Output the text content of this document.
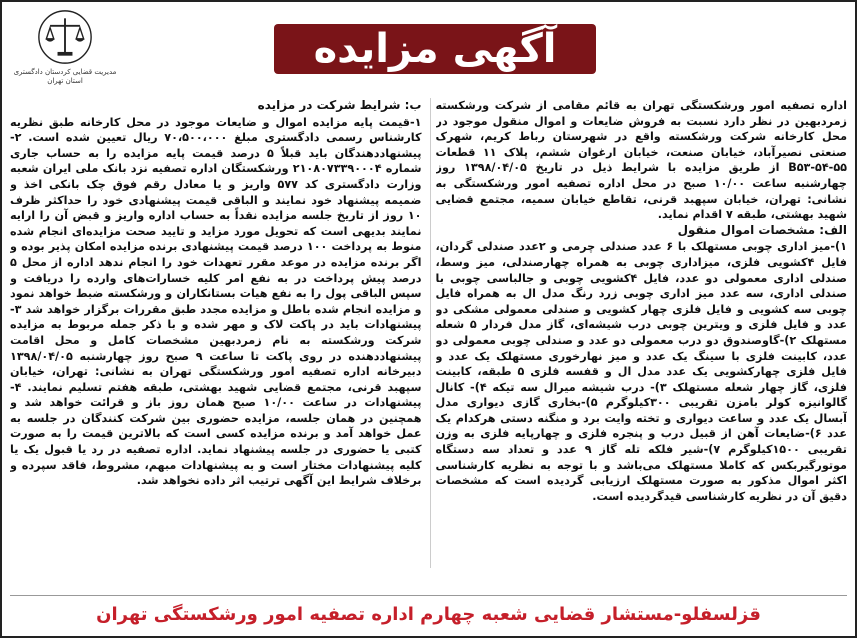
مدیریت قضایی کردستان دادگستری استان تهران
آگهی مزایده

اداره تصفیه امور ورشکستگی تهران به قائم مقامی از شرکت ورشکسته زمردبهین در نظر دارد نسبت به فروش ضایعات و اموال منقول موجود در محل کارخانه شرکت ورشکسته واقع در شهرستان رباط کریم، شهرک صنعتی نصیرآباد، خیابان صنعت، خیابان ارغوان ششم، پلاک ۱۱ قطعات B۵۳-۵۴-۵۵ از طریق مزایده با شرایط ذیل در تاریخ ۱۳۹۸/۰۴/۰۵ روز چهارشنبه ساعت ۱۰/۰۰ صبح در محل اداره تصفیه امور ورشکستگی به نشانی: تهران، خیابان سپهبد قرنی، تقاطع خیابان سمیه، مجتمع قضایی شهید بهشتی، طبقه ۷ اقدام نماید.

الف: مشخصات اموال منقول

۱)-میز اداری چوبی مستهلک با ۶ عدد صندلی چرمی و ۲عدد صندلی گردان، فایل ۴کشویی فلزی، میزاداری چوبی به همراه چهارصندلی، میز وسط، صندلی اداری معمولی دو عدد، فایل ۴کشویی چوبی و جالباسی چوبی با صندلی اداری، سه عدد میز اداری چوبی زرد رنگ مدل ال به همراه فایل چوبی سه کشویی و فایل فلزی چهار کشویی و صندلی معمولی مشکی دو عدد و فایل فلزی و ویترین چوبی درب شیشه‌ای، گاز مدل فردار ۵ شعله مستهلک ۲)-گاوصندوق دو درب معمولی دو عدد و صندلی چوبی معمولی دو عدد، کابینت فلزی با سینگ یک عدد و میز نهارخوری مستهلک یک عدد و فایل فلزی چهارکشویی یک عدد مدل ال و قفسه فلزی ۵ طبقه، کابینت فلزی، گاز چهار شعله مستهلک ۳)- درب شیشه میرال سه تیکه ۴)- کانال گالوانیزه کولر بامزن تقریبی ۳۰۰کیلوگرم ۵)-بخاری گازی دیواری مدل آبسال یک عدد و ساعت دیواری و تخته وایت برد و منگنه دستی هرکدام یک عدد ۶)-ضایعات آهن از قبیل درب و پنجره فلزی و چهارپایه فلزی به وزن تقریبی ۱۵۰۰کیلوگرم ۷)-شیر فلکه تله گاز ۹ عدد و تعداد سه دستگاه موتورگیربکس که کاملا مستهلک می‌باشد و با توجه به نظریه کارشناسی اکثر اموال مذکور به صورت مستهلک ارزیابی گردیده است که مشخصات دقیق آن در نظریه کارشناسی قیدگردیده است.

ب: شرایط شرکت در مزایده

۱-قیمت پایه مزایده اموال و ضایعات موجود در محل کارخانه طبق نظریه کارشناس رسمی دادگستری مبلغ ۷۰،۵۰۰،۰۰۰ ریال تعیین شده است. ۲-پیشنهاددهندگان باید قبلاً ۵ درصد قیمت پایه مزایده را به حساب جاری شماره ۲۱۰۸۰۷۳۳۹۰۰۰۴ ورشکستگان اداره تصفیه نزد بانک ملی ایران شعبه وزارت دادگستری کد ۵۷۷ واریز و یا معادل رقم فوق چک بانکی اخذ و ضمیمه پیشنهاد خود نمایند و الباقی قیمت پیشنهادی خود را حداکثر ظرف ۱۰ روز از تاریخ جلسه مزایده نقداً به حساب اداره واریز و قبض آن را ارایه نمایند بدیهی است که تحویل مورد مزاید و تایید صحت مزایده‌ای انجام شده منوط به پرداخت ۱۰۰ درصد قیمت پیشنهادی برنده مزایده امکان پذیر بوده و اگر برنده مزایده در موعد مقرر تعهدات خود را انجام ندهد اداره از محل ۵ درصد پیش پرداخت در به نفع امر کلیه خسارات‌های وارده را دریافت و سپس الباقی پول را به نفع هیات بستانکاران و ورشکسته ضبط خواهد نمود و مزایده انجام شده باطل و مزایده مجدد طبق مقررات برگزار خواهد شد ۳- پیشنهادات باید در پاکت لاک و مهر شده و با ذکر جمله مربوط به مزایده شرکت ورشکسته به نام زمردبهین مشخصات کامل و محل اقامت پیشنهاددهنده در روی پاکت تا ساعت ۹ صبح روز چهارشنبه ۱۳۹۸/۰۴/۰۵ دبیرخانه اداره تصفیه امور ورشکستگی تهران به نشانی: تهران، خیابان سپهبد قرنی، مجتمع قضایی شهید بهشتی، طبقه هفتم تسلیم نمایند. ۴- پیشنهادات در ساعت ۱۰/۰۰ صبح همان روز باز و قرائت خواهد شد و همچنین در همان جلسه، مزایده حضوری بین شرکت کنندگان در جلسه به عمل خواهد آمد و برنده مزایده کسی است که بالاترین قیمت را به صورت کتبی یا حضوری در جلسه پیشنهاد نماید. اداره تصفیه در رد یا قبول یک یا کلیه پیشنهادات مختار است و به پیشنهادات مبهم، مشروط، فاقد سپرده و برخلاف شرایط این آگهی ترتیب اثر داده نخواهد شد.

قزلسفلو-مستشار قضایی شعبه چهارم اداره تصفیه امور ورشکستگی تهران
